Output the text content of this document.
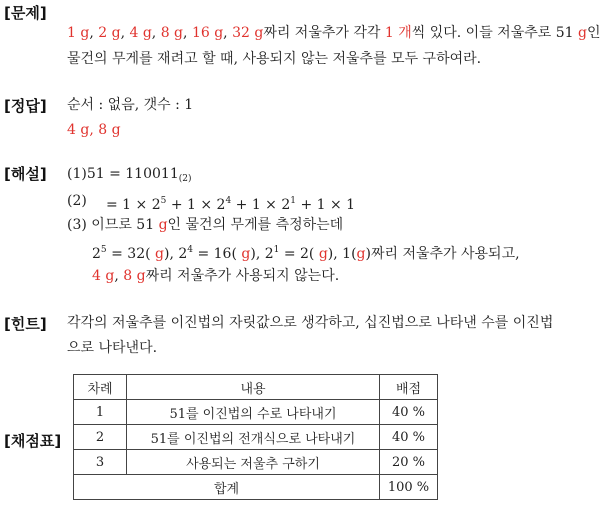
[문제]
1 g, 2 g, 4 g, 8 g, 16 g, 32 g짜리 저울추가 각각 1 개씩 있다. 이들 저울추로 51 g인
물건의 무게를 재려고 할 때, 사용되지 않는 저울추를 모두 구하여라.
[정답] 순서 : 없음, 갯수 : 1
4 g, 8 g
[해설] $(1)51 = 110011_{(2)}$
$(2) = 1 \times 2^5 + 1 \times 2^4 + 1 \times 2^1 + 1 \times 1$
(3) 이므로 51 g인 물건의 무게를 측정하는데
$2^5 = 32$( g), $2^4 = 16$( g), $2^1 = 2$( g), 1(g)짜리 저울추가 사용되고,
4 g, 8 g짜리 저울추가 사용되지 않는다.
[힌트] 각각의 저울추를 이진법의 자릿값으로 생각하고, 십진법으로 나타낸 수를 이진법
으로 나타낸다.
[채점표]
차례	내용	배점
1	51를 이진법의 수로 나타내기	40 %
2	51를 이진법의 전개식으로 나타내기	40 %
3	사용되는 저울추 구하기	20 %
합계		100 %
